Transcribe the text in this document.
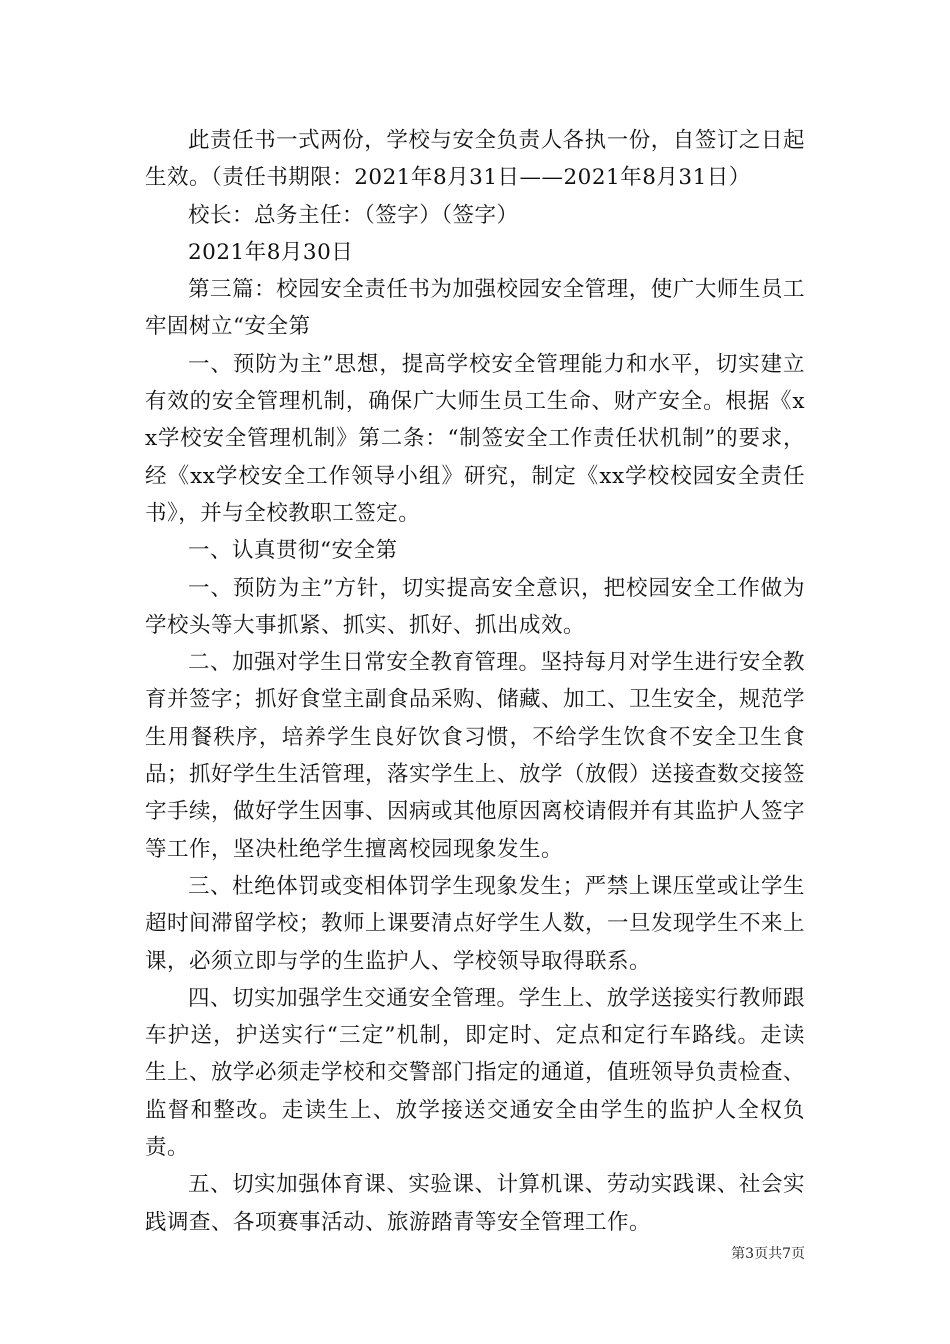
此责任书一式两份，学校与安全负责人各执一份，自签订之日起生效。（责任书期限：2021年8月31日——2021年8月31日）

校长：总务主任：（签字）（签字）

2021年8月30日

第三篇：校园安全责任书为加强校园安全管理，使广大师生员工牢固树立“安全第

一、预防为主”思想，提高学校安全管理能力和水平，切实建立有效的安全管理机制，确保广大师生员工生命、财产安全。根据《xx学校安全管理机制》第二条：“制签安全工作责任状机制”的要求，经《xx学校安全工作领导小组》研究，制定《xx学校校园安全责任书》，并与全校教职工签定。

一、认真贯彻“安全第

一、预防为主”方针，切实提高安全意识，把校园安全工作做为学校头等大事抓紧、抓实、抓好、抓出成效。

二、加强对学生日常安全教育管理。坚持每月对学生进行安全教育并签字；抓好食堂主副食品采购、储藏、加工、卫生安全，规范学生用餐秩序，培养学生良好饮食习惯，不给学生饮食不安全卫生食品；抓好学生生活管理，落实学生上、放学（放假）送接查数交接签字手续，做好学生因事、因病或其他原因离校请假并有其监护人签字等工作，坚决杜绝学生擅离校园现象发生。

三、杜绝体罚或变相体罚学生现象发生；严禁上课压堂或让学生超时间滞留学校；教师上课要清点好学生人数，一旦发现学生不来上课，必须立即与学的生监护人、学校领导取得联系。

四、切实加强学生交通安全管理。学生上、放学送接实行教师跟车护送，护送实行“三定”机制，即定时、定点和定行车路线。走读生上、放学必须走学校和交警部门指定的通道，值班领导负责检查、监督和整改。走读生上、放学接送交通安全由学生的监护人全权负责。

五、切实加强体育课、实验课、计算机课、劳动实践课、社会实践调查、各项赛事活动、旅游踏青等安全管理工作。

第3页共7页
